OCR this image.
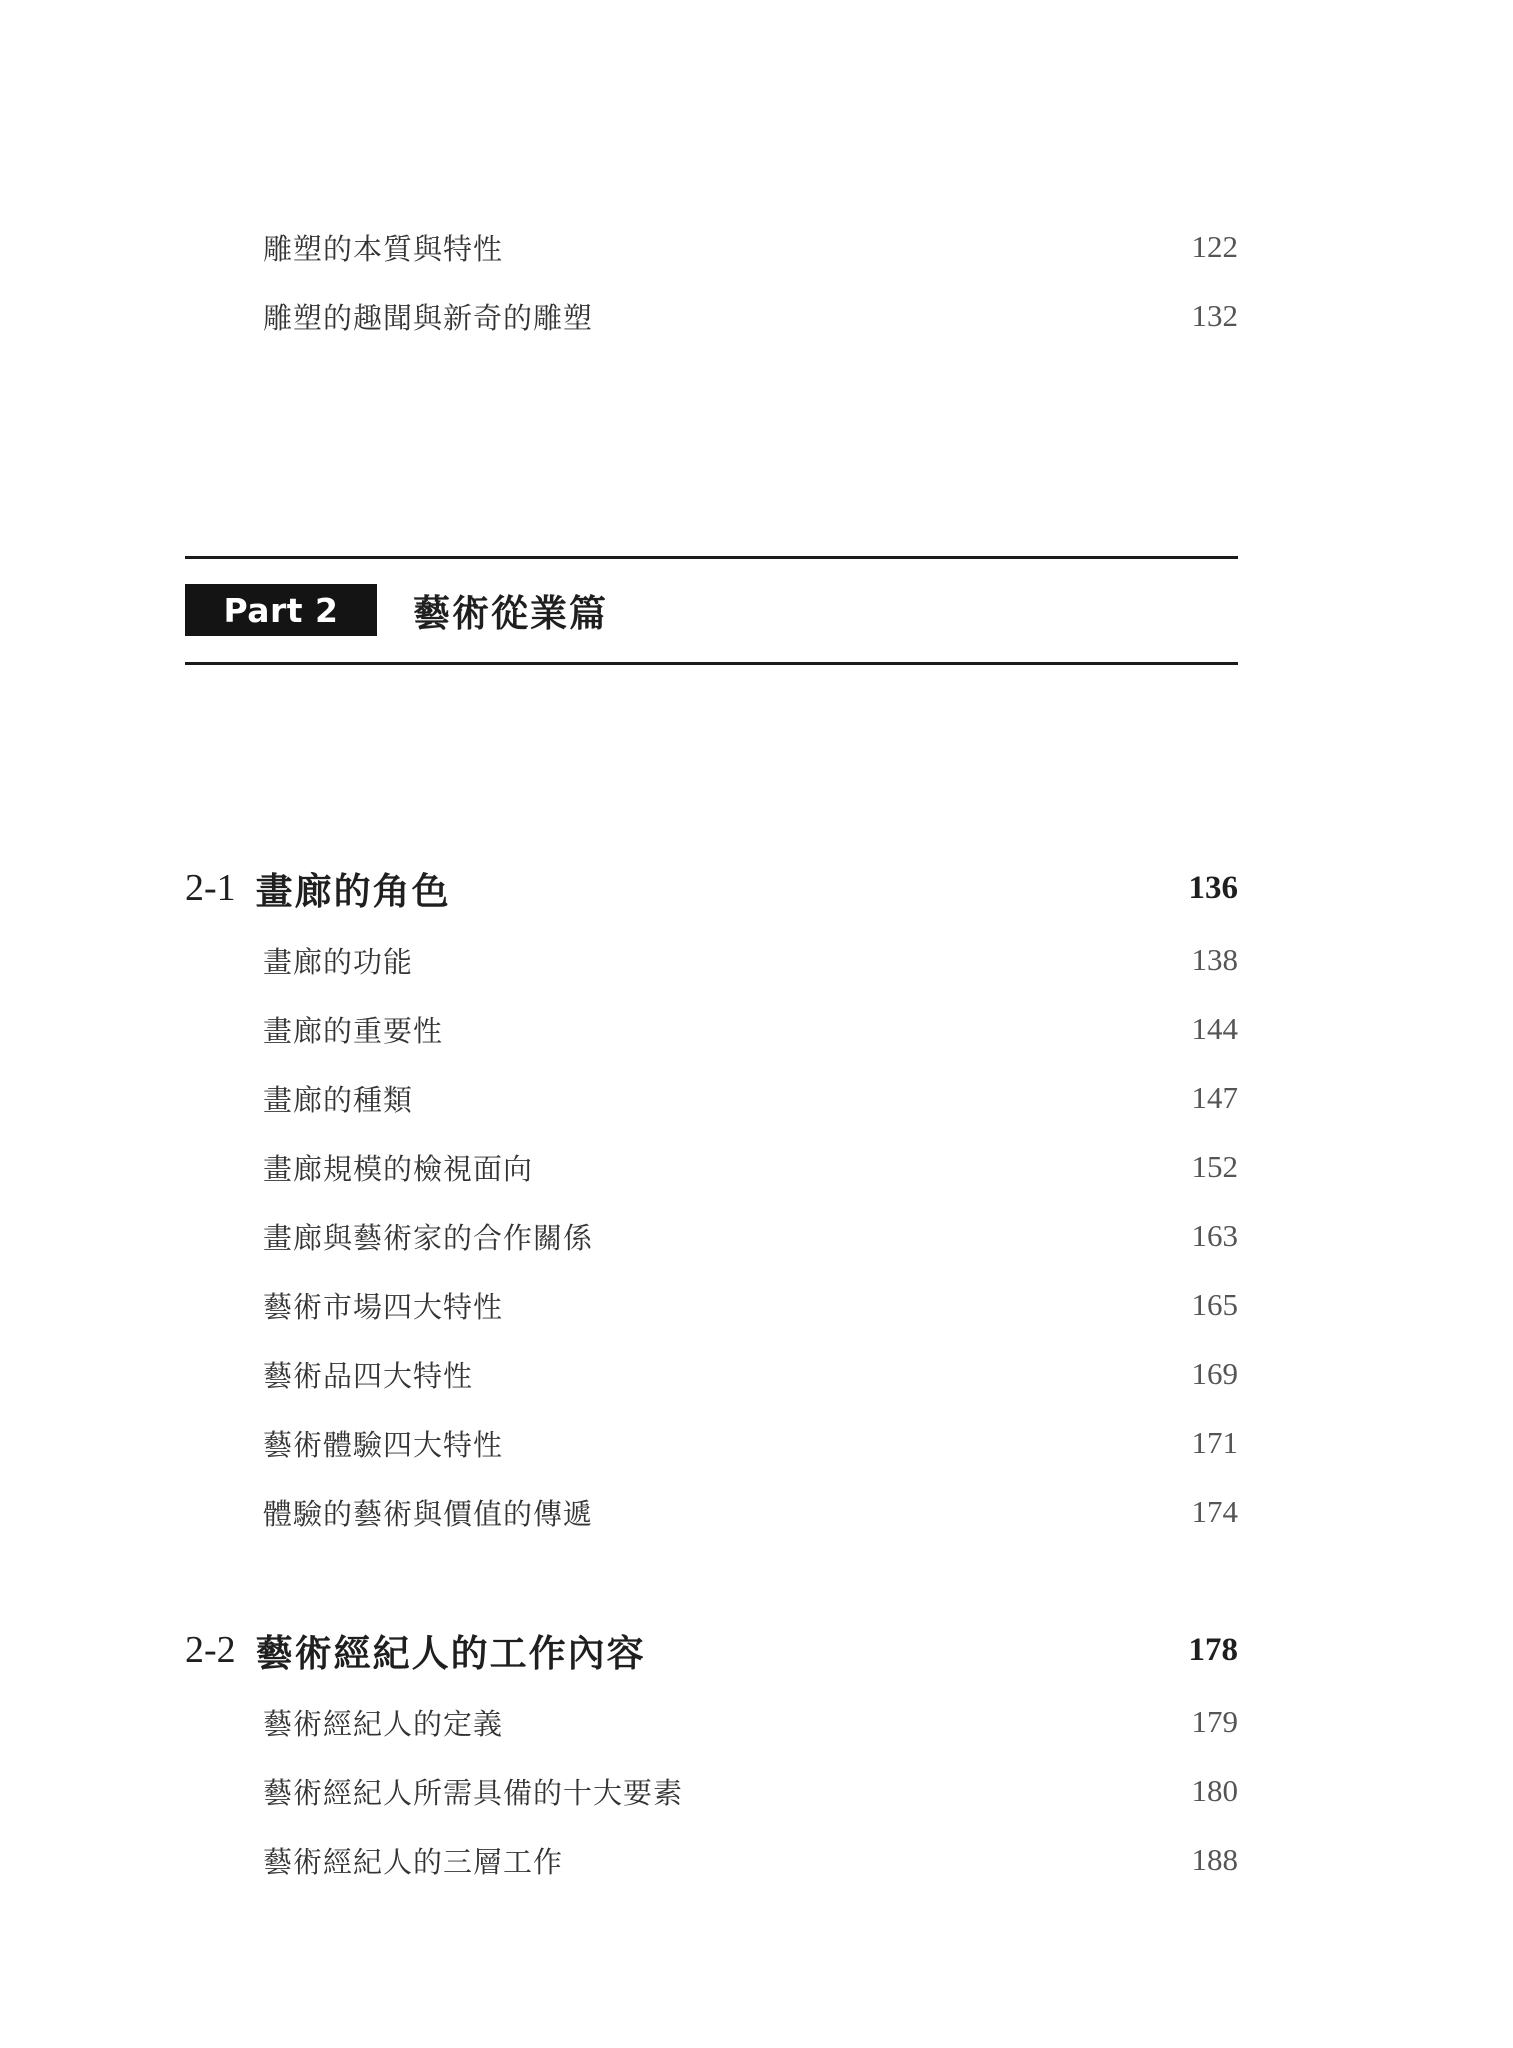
雕塑的本質與特性	122
雕塑的趣聞與新奇的雕塑	132
Part 2 藝術從業篇
2-1 畫廊的角色	136
畫廊的功能	138
畫廊的重要性	144
畫廊的種類	147
畫廊規模的檢視面向	152
畫廊與藝術家的合作關係	163
藝術市場四大特性	165
藝術品四大特性	169
藝術體驗四大特性	171
體驗的藝術與價值的傳遞	174
2-2 藝術經紀人的工作內容	178
藝術經紀人的定義	179
藝術經紀人所需具備的十大要素	180
藝術經紀人的三層工作	188
